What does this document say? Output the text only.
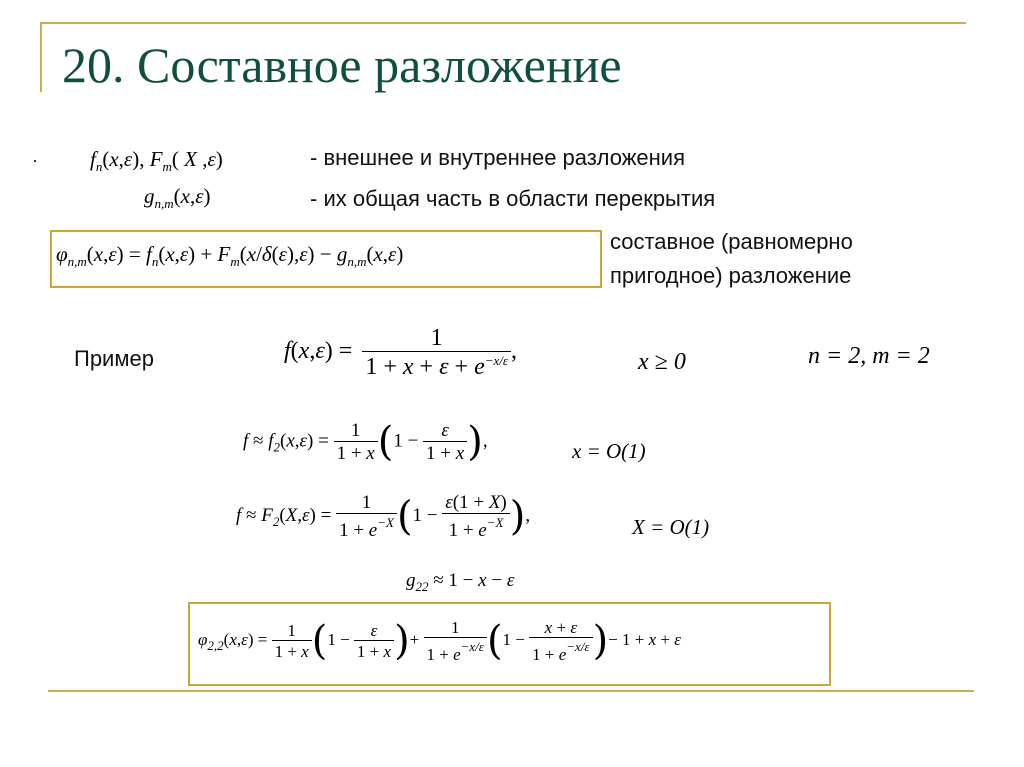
20. Составное разложение
· $f_n(x,\varepsilon)$, $F_m$( X ,ε)	- внешнее и внутреннее разложения
$g_{n,m}(x,\varepsilon)$	- их общая часть в области перекрытия
$\varphi_{n,m}(x,\varepsilon) = f_n(x,\varepsilon) + F_m(x/\delta(\varepsilon),\varepsilon) - g_{n,m}(x,\varepsilon)$	составное (равномерно
пригодное) разложение
Пример	$f(x,\varepsilon) = \frac{1}{1 + x + \varepsilon + e^{-x/\varepsilon}}$ ,	x ≥ 0	n = 2, m = 2
$f \approx f_2(x,\varepsilon) = \frac{1}{1 + x} (1 - \frac{\varepsilon}{1 + x}$ ),	x = O(1)
$f \approx F_2(X,\varepsilon) = \frac{1}{1 + e^{-X}} (1 - \frac{\varepsilon(1 + X)}{1 + e^{-X}}$ ),	X = O(1)
$g_{22} \approx 1 - x - \varepsilon$
$\varphi_{2,2}(x,\varepsilon) = \frac{1}{1 + x} (1 - \frac{\varepsilon}{1 + x}$ )+ $\frac{1}{1 + e^{-x/\varepsilon}} (1 - \frac{x + \varepsilon}{1 + e^{-x/\varepsilon}}$ )− 1 + x + ε
